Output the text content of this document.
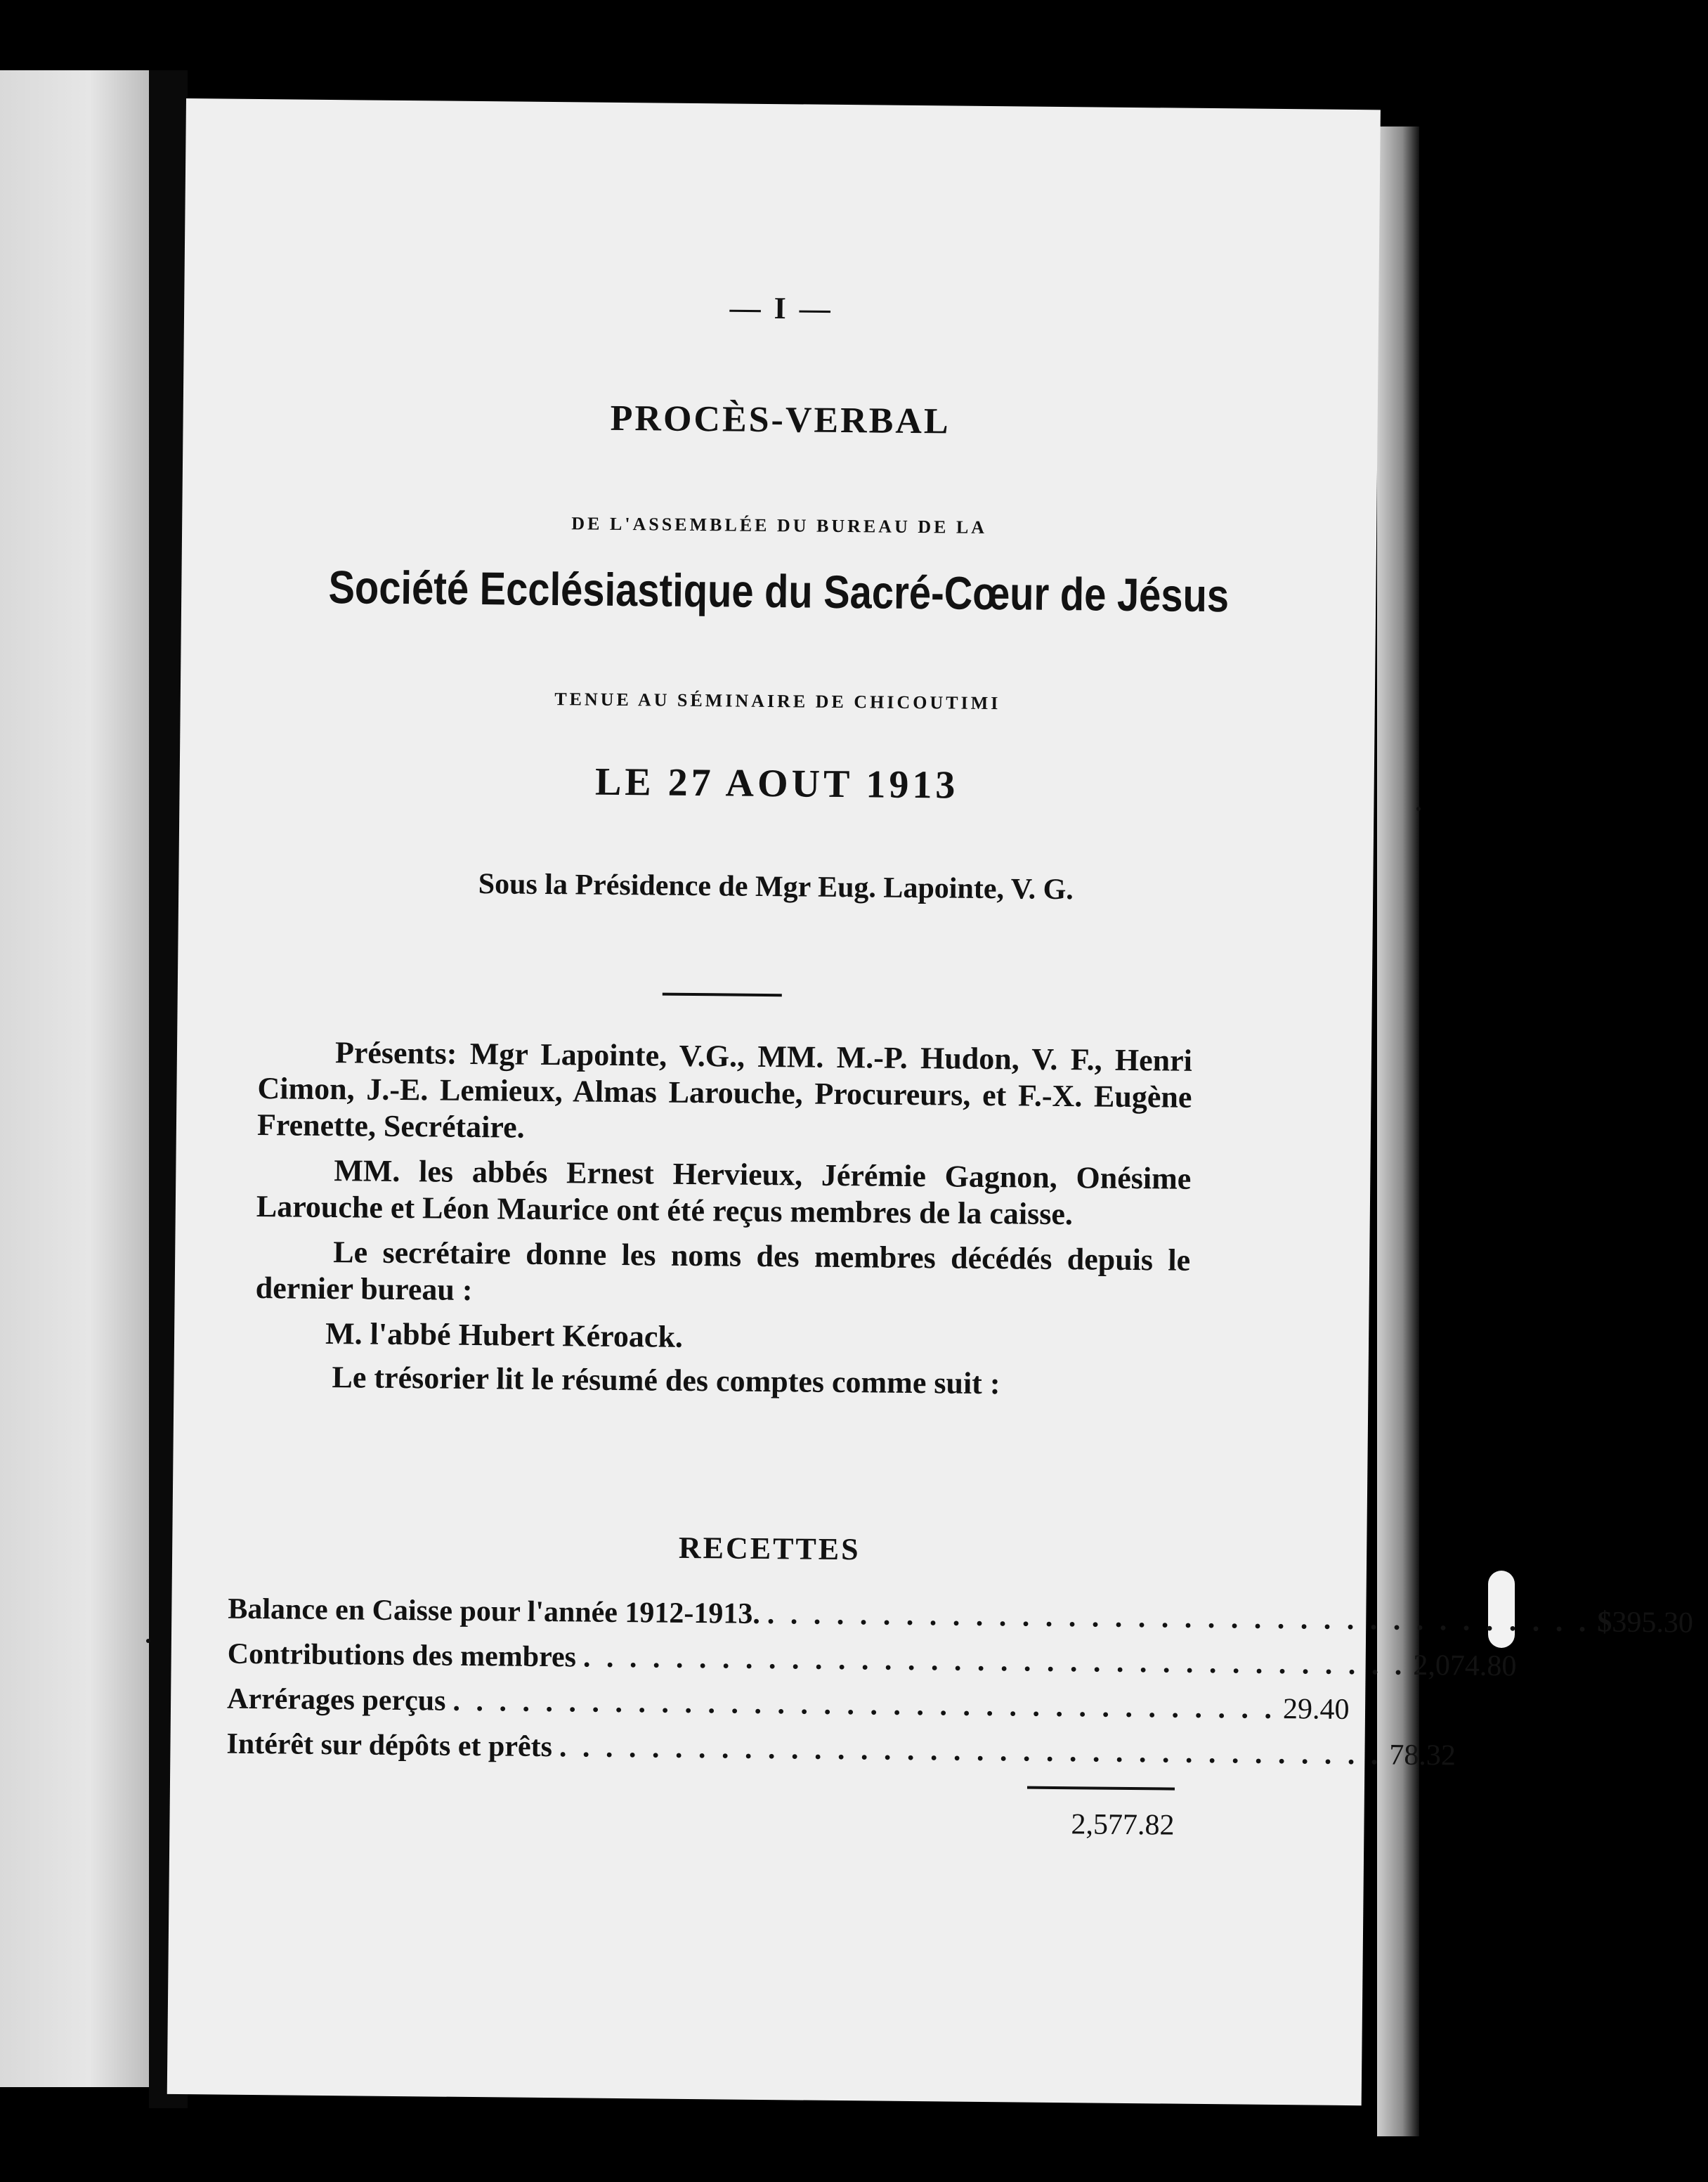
— I —
PROCÈS-VERBAL
DE L'ASSEMBLÉE DU BUREAU DE LA
Société Ecclésiastique du Sacré-Cœur de Jésus
TENUE AU SÉMINAIRE DE CHICOUTIMI
LE 27 AOUT 1913
Sous la Présidence de Mgr Eug. Lapointe, V. G.

Présents: Mgr Lapointe, V.G., MM. M.-P. Hudon, V. F., Henri Cimon, J.-E. Lemieux, Almas Larouche, Procureurs, et F.-X. Eugène Frenette, Secrétaire.

MM. les abbés Ernest Hervieux, Jérémie Gagnon, Onésime Larouche et Léon Maurice ont été reçus membres de la caisse.

Le secrétaire donne les noms des membres décédés depuis le dernier bureau :

M. l'abbé Hubert Kéroack.

Le trésorier lit le résumé des comptes comme suit :

RECETTES
Balance en Caisse pour l'année 1912-1913. . . . . . . . . . . . . . . . . . . . . . . . . . . . . . . . . . . . . $ 395.30
Contributions des membres . . . . . . . . . . . . . . . . . . . . . . . . . . . . . . . . . . . . 2,074.80
Arrérages perçus . . . . . . . . . . . . . . . . . . . . . . . . . . . . . . . . . . . . 29.40
Intérêt sur dépôts et prêts . . . . . . . . . . . . . . . . . . . . . . . . . . . . . . . . . . . . 78.32
2,577.82
